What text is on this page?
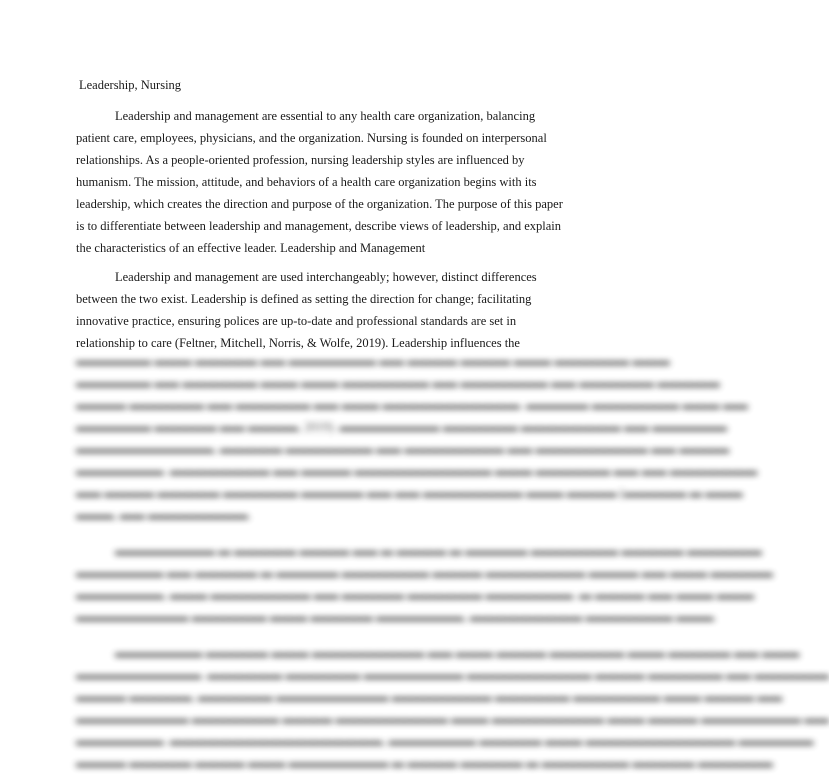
Leadership, Nursing
Leadership and management are essential to any health care organization, balancing
patient care, employees, physicians, and the organization. Nursing is founded on interpersonal
relationships. As a people-oriented profession, nursing leadership styles are influenced by
humanism. The mission, attitude, and behaviors of a health care organization begins with its
leadership, which creates the direction and purpose of the organization. The purpose of this paper
is to differentiate between leadership and management, describe views of leadership, and explain
the characteristics of an effective leader. Leadership and Management
Leadership and management are used interchangeably; however, distinct differences
between the two exist. Leadership is defined as setting the direction for change; facilitating
innovative practice, ensuring polices are up-to-date and professional standards are set in
relationship to care (Feltner, Mitchell, Norris, & Wolfe, 2019). Leadership influences the
▬▬▬▬▬▬ ▬▬▬ ▬▬▬▬▬ ▬▬ ▬▬▬▬▬▬▬ ▬▬ ▬▬▬▬ ▬▬▬▬ ▬▬▬ ▬▬▬▬▬▬ ▬▬▬
▬▬▬▬▬▬ ▬▬ ▬▬▬▬▬▬ ▬▬▬ ▬▬▬ ▬▬▬▬▬▬▬ ▬▬ ▬▬▬▬▬▬▬ ▬▬ ▬▬▬▬▬▬ ▬▬▬▬▬
▬▬▬▬ ▬▬▬▬▬▬ ▬▬ ▬▬▬▬▬▬ ▬▬ ▬▬▬ ▬▬▬▬▬▬▬▬▬▬▬. ▬▬▬▬▬ ▬▬▬▬▬▬▬ ▬▬▬ ▬▬
▬▬▬▬▬▬ ▬▬▬▬▬ ▬▬ ▬▬▬▬, 2019). ▬▬▬▬▬▬▬▬ ▬▬▬▬▬▬ ▬▬▬▬▬▬▬▬ ▬▬ ▬▬▬▬▬▬
▬▬▬▬▬▬▬▬▬▬▬, ▬▬▬▬▬ ▬▬▬▬▬▬▬ ▬▬ ▬▬▬▬▬▬▬▬ ▬▬ ▬▬▬▬▬▬▬▬▬ ▬▬ ▬▬▬▬
▬▬▬▬▬▬▬. ▬▬▬▬▬▬▬▬ ▬▬ ▬▬▬▬ ▬▬▬▬▬▬▬▬▬▬▬ ▬▬▬ ▬▬▬▬▬▬ ▬▬ ▬▬ ▬▬▬▬▬▬▬
▬▬ ▬▬▬▬ ▬▬▬▬▬ ▬▬▬▬▬▬ ▬▬▬▬▬ ▬▬ ▬▬ ▬▬▬▬▬▬▬▬ ▬▬▬ ▬▬▬▬ (▬▬▬▬▬ ▬ ▬▬▬
▬▬▬, ▬▬ ▬▬▬▬▬▬▬▬.
▬▬▬▬▬▬▬▬ ▬ ▬▬▬▬▬ ▬▬▬▬ ▬▬ ▬ ▬▬▬▬ ▬ ▬▬▬▬▬ ▬▬▬▬▬▬▬ ▬▬▬▬▬ ▬▬▬▬▬▬
▬▬▬▬▬▬▬ ▬▬ ▬▬▬▬▬ ▬ ▬▬▬▬▬ ▬▬▬▬▬▬▬ ▬▬▬▬ ▬▬▬▬▬▬▬▬ ▬▬▬▬ ▬▬ ▬▬▬ ▬▬▬▬▬
▬▬▬▬▬▬▬, ▬▬▬ ▬▬▬▬▬▬▬▬ ▬▬ ▬▬▬▬▬ ▬▬▬▬▬▬ ▬▬▬▬▬▬▬. ▬ ▬▬▬▬ ▬▬ ▬▬▬ ▬▬▬
▬▬▬▬▬▬▬▬▬ ▬▬▬▬▬▬ ▬▬▬ ▬▬▬▬▬ ▬▬▬▬▬▬▬, ▬▬▬▬▬▬▬▬▬ ▬▬▬▬▬▬▬ ▬▬▬.
▬▬▬▬▬▬▬ ▬▬▬▬▬ ▬▬▬ ▬▬▬▬▬▬▬▬▬ ▬▬ ▬▬▬ ▬▬▬▬ ▬▬▬▬▬▬ ▬▬▬ ▬▬▬▬▬ ▬▬ ▬▬▬
▬▬▬▬▬▬▬▬▬▬. ▬▬▬▬▬▬ ▬▬▬▬▬▬ ▬▬▬▬▬▬▬▬ ▬▬▬▬▬▬▬▬▬▬ ▬▬▬▬ ▬▬▬▬▬▬ ▬▬ ▬▬▬▬▬▬
▬▬▬▬ ▬▬▬▬▬, ▬▬▬▬▬▬ ▬▬▬▬▬▬▬▬▬ ▬▬▬▬▬▬▬▬ ▬▬▬▬▬▬ ▬▬▬▬▬▬▬ ▬▬▬ ▬▬▬▬ ▬▬
▬▬▬▬▬▬▬▬▬ ▬▬▬▬▬▬▬ ▬▬▬▬ ▬▬▬▬▬▬▬▬▬ ▬▬▬ ▬▬▬▬▬▬▬▬▬ ▬▬▬ ▬▬▬▬ ▬▬▬▬▬▬▬▬ ▬▬
▬▬▬▬▬▬▬. ▬▬▬▬▬▬▬▬▬▬▬▬▬▬▬▬▬, ▬▬▬▬▬▬▬ ▬▬▬▬▬ ▬▬▬ ▬▬▬▬▬▬▬▬▬▬▬▬ ▬▬▬▬▬▬
▬▬▬▬ ▬▬▬▬▬ ▬▬▬▬ ▬▬▬ ▬▬▬▬▬▬▬▬ ▬ ▬▬▬▬ ▬▬▬▬▬ ▬ ▬▬▬▬▬▬▬ ▬▬▬▬▬ ▬▬▬▬▬▬
